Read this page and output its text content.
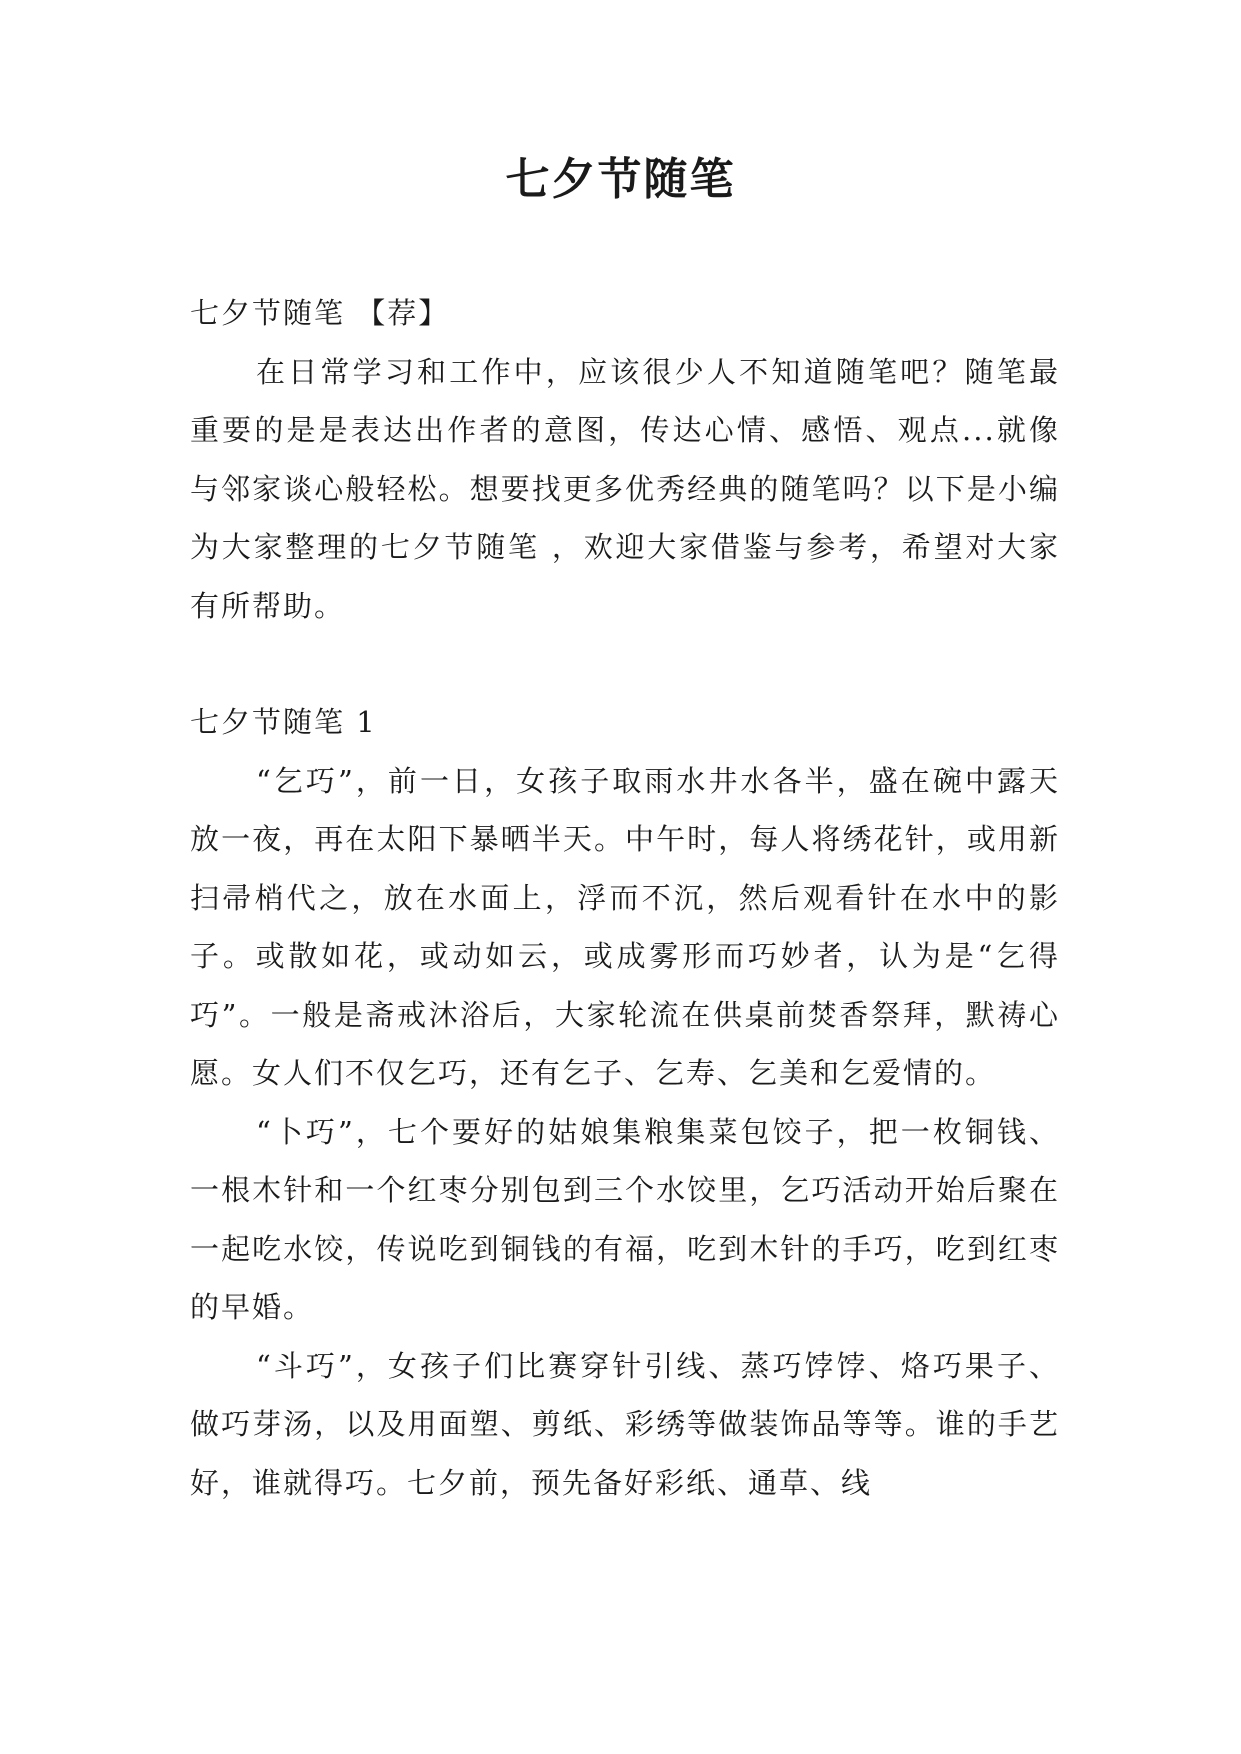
七夕节随笔

七夕节随笔 【荐】

在日常学习和工作中，应该很少人不知道随笔吧？随笔最重要的是是表达出作者的意图，传达心情、感悟、观点...就像与邻家谈心般轻松。想要找更多优秀经典的随笔吗？以下是小编为大家整理的七夕节随笔 ，欢迎大家借鉴与参考，希望对大家有所帮助。

七夕节随笔 1

“乞巧”，前一日，女孩子取雨水井水各半，盛在碗中露天放一夜，再在太阳下暴晒半天。中午时，每人将绣花针，或用新扫帚梢代之，放在水面上，浮而不沉，然后观看针在水中的影子。或散如花，或动如云，或成雾形而巧妙者，认为是“乞得巧”。一般是斋戒沐浴后，大家轮流在供桌前焚香祭拜，默祷心愿。女人们不仅乞巧，还有乞子、乞寿、乞美和乞爱情的。

“卜巧”，七个要好的姑娘集粮集菜包饺子，把一枚铜钱、一根木针和一个红枣分别包到三个水饺里，乞巧活动开始后聚在一起吃水饺，传说吃到铜钱的有福，吃到木针的手巧，吃到红枣的早婚。

“斗巧”，女孩子们比赛穿针引线、蒸巧饽饽、烙巧果子、做巧芽汤，以及用面塑、剪纸、彩绣等做装饰品等等。谁的手艺好，谁就得巧。七夕前，预先备好彩纸、通草、线
